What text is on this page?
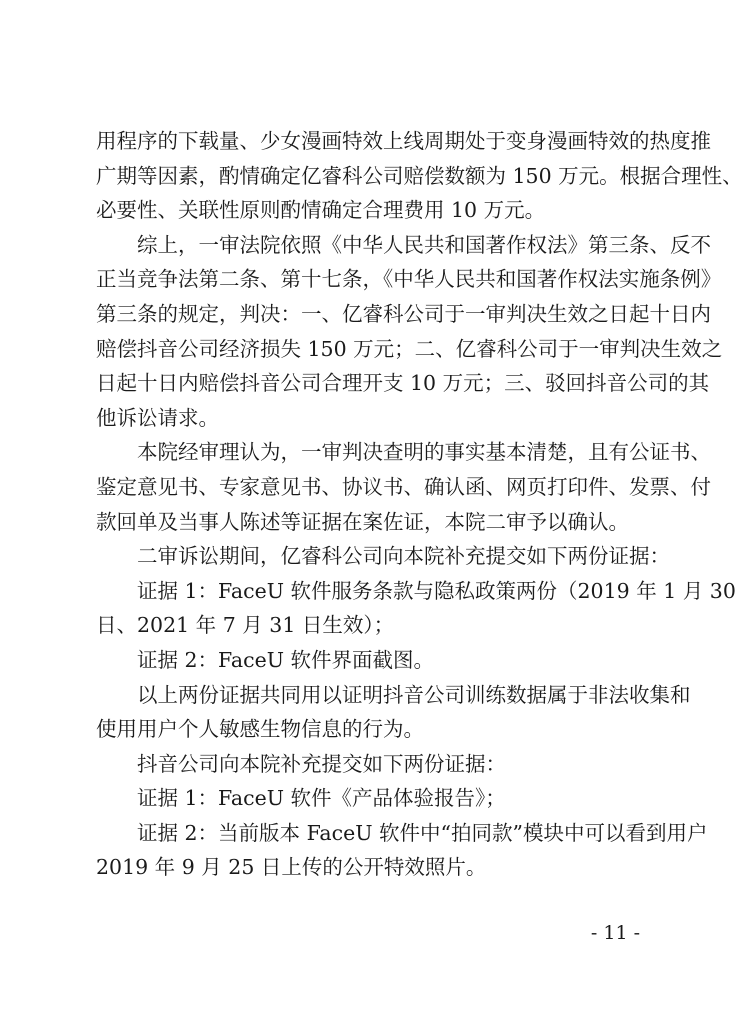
用程序的下载量、少女漫画特效上线周期处于变身漫画特效的热度推
广期等因素，酌情确定亿睿科公司赔偿数额为 150 万元。根据合理性、
必要性、关联性原则酌情确定合理费用 10 万元。
　　综上，一审法院依照《中华人民共和国著作权法》第三条、反不
正当竞争法第二条、第十七条，《中华人民共和国著作权法实施条例》
第三条的规定，判决：一、亿睿科公司于一审判决生效之日起十日内
赔偿抖音公司经济损失 150 万元；二、亿睿科公司于一审判决生效之
日起十日内赔偿抖音公司合理开支 10 万元；三、驳回抖音公司的其
他诉讼请求。
　　本院经审理认为，一审判决查明的事实基本清楚，且有公证书、
鉴定意见书、专家意见书、协议书、确认函、网页打印件、发票、付
款回单及当事人陈述等证据在案佐证，本院二审予以确认。
　　二审诉讼期间，亿睿科公司向本院补充提交如下两份证据：
　　证据 1：FaceU 软件服务条款与隐私政策两份（2019 年 1 月 30
日、2021 年 7 月 31 日生效）；
　　证据 2：FaceU 软件界面截图。
　　以上两份证据共同用以证明抖音公司训练数据属于非法收集和
使用用户个人敏感生物信息的行为。
　　抖音公司向本院补充提交如下两份证据：
　　证据 1：FaceU 软件《产品体验报告》；
　　证据 2：当前版本 FaceU 软件中“拍同款”模块中可以看到用户
2019 年 9 月 25 日上传的公开特效照片。
- 11 -
